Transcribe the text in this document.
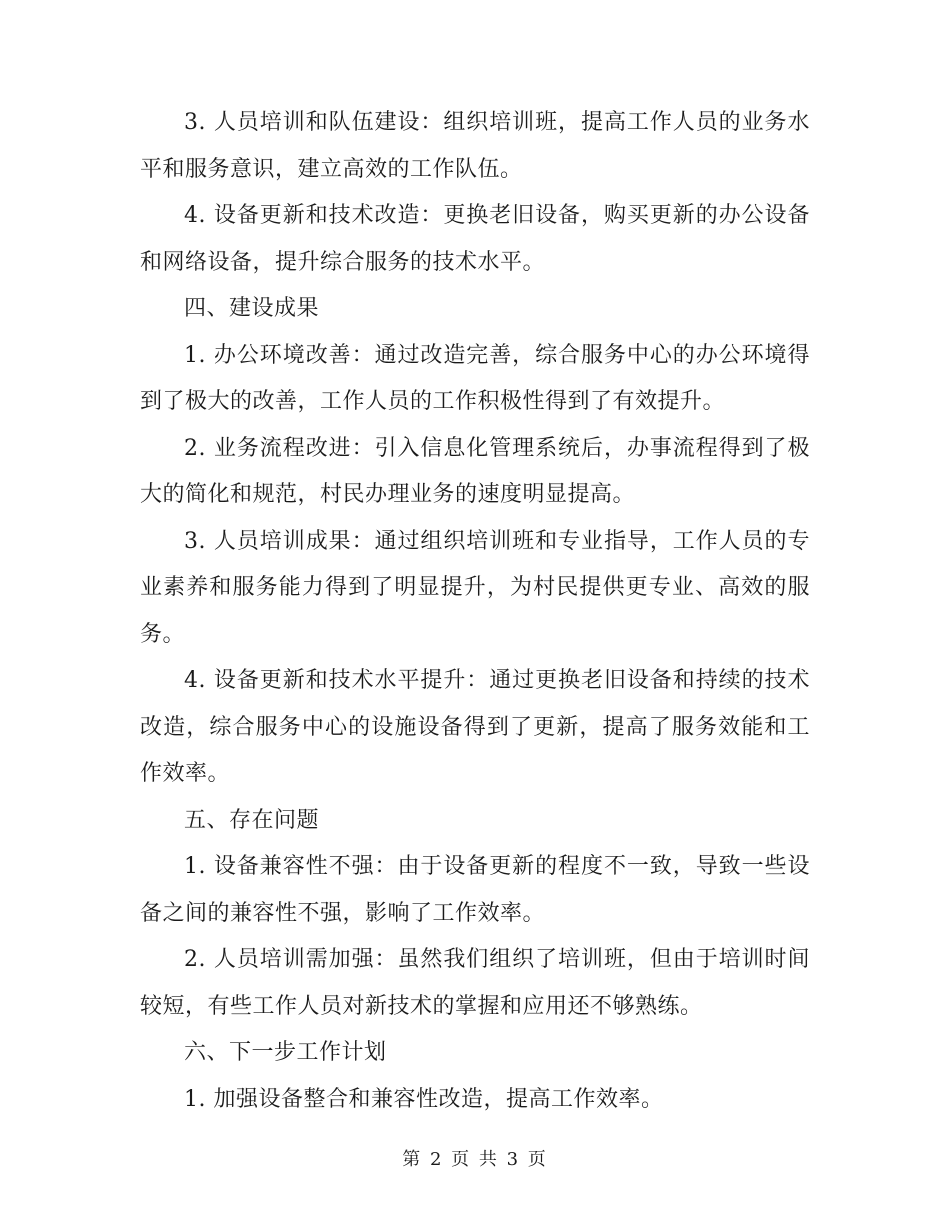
3. 人员培训和队伍建设：组织培训班，提高工作人员的业务水平和服务意识，建立高效的工作队伍。

4. 设备更新和技术改造：更换老旧设备，购买更新的办公设备和网络设备，提升综合服务的技术水平。

四、建设成果

1. 办公环境改善：通过改造完善，综合服务中心的办公环境得到了极大的改善，工作人员的工作积极性得到了有效提升。

2. 业务流程改进：引入信息化管理系统后，办事流程得到了极大的简化和规范，村民办理业务的速度明显提高。

3. 人员培训成果：通过组织培训班和专业指导，工作人员的专业素养和服务能力得到了明显提升，为村民提供更专业、高效的服务。

4. 设备更新和技术水平提升：通过更换老旧设备和持续的技术改造，综合服务中心的设施设备得到了更新，提高了服务效能和工作效率。

五、存在问题

1. 设备兼容性不强：由于设备更新的程度不一致，导致一些设备之间的兼容性不强，影响了工作效率。

2. 人员培训需加强：虽然我们组织了培训班，但由于培训时间较短，有些工作人员对新技术的掌握和应用还不够熟练。

六、下一步工作计划

1. 加强设备整合和兼容性改造，提高工作效率。

第 2 页 共 3 页
